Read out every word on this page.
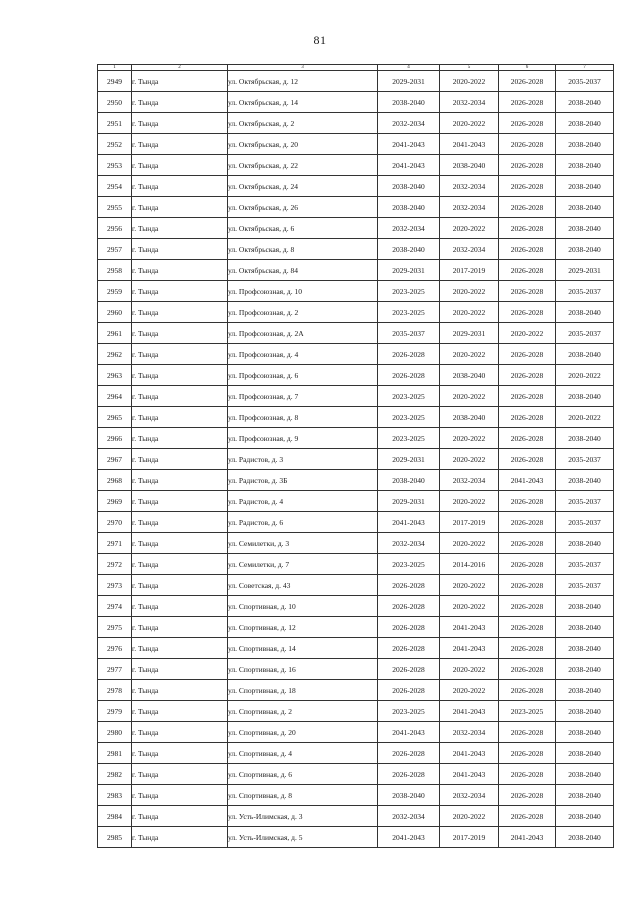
81
1	2	3	4	5	6	7
2949	г. Тында	ул. Октябрьская, д. 12	2029-2031	2020-2022	2026-2028	2035-2037
2950	г. Тында	ул. Октябрьская, д. 14	2038-2040	2032-2034	2026-2028	2038-2040
2951	г. Тында	ул. Октябрьская, д. 2	2032-2034	2020-2022	2026-2028	2038-2040
2952	г. Тында	ул. Октябрьская, д. 20	2041-2043	2041-2043	2026-2028	2038-2040
2953	г. Тында	ул. Октябрьская, д. 22	2041-2043	2038-2040	2026-2028	2038-2040
2954	г. Тында	ул. Октябрьская, д. 24	2038-2040	2032-2034	2026-2028	2038-2040
2955	г. Тында	ул. Октябрьская, д. 26	2038-2040	2032-2034	2026-2028	2038-2040
2956	г. Тында	ул. Октябрьская, д. 6	2032-2034	2020-2022	2026-2028	2038-2040
2957	г. Тында	ул. Октябрьская, д. 8	2038-2040	2032-2034	2026-2028	2038-2040
2958	г. Тында	ул. Октябрьская, д. 84	2029-2031	2017-2019	2026-2028	2029-2031
2959	г. Тында	ул. Профсоюзная, д. 10	2023-2025	2020-2022	2026-2028	2035-2037
2960	г. Тында	ул. Профсоюзная, д. 2	2023-2025	2020-2022	2026-2028	2038-2040
2961	г. Тында	ул. Профсоюзная, д. 2А	2035-2037	2029-2031	2020-2022	2035-2037
2962	г. Тында	ул. Профсоюзная, д. 4	2026-2028	2020-2022	2026-2028	2038-2040
2963	г. Тында	ул. Профсоюзная, д. 6	2026-2028	2038-2040	2026-2028	2020-2022
2964	г. Тында	ул. Профсоюзная, д. 7	2023-2025	2020-2022	2026-2028	2038-2040
2965	г. Тында	ул. Профсоюзная, д. 8	2023-2025	2038-2040	2026-2028	2020-2022
2966	г. Тында	ул. Профсоюзная, д. 9	2023-2025	2020-2022	2026-2028	2038-2040
2967	г. Тында	ул. Радистов, д. 3	2029-2031	2020-2022	2026-2028	2035-2037
2968	г. Тында	ул. Радистов, д. 3Б	2038-2040	2032-2034	2041-2043	2038-2040
2969	г. Тында	ул. Радистов, д. 4	2029-2031	2020-2022	2026-2028	2035-2037
2970	г. Тында	ул. Радистов, д. 6	2041-2043	2017-2019	2026-2028	2035-2037
2971	г. Тында	ул. Семилетки, д. 3	2032-2034	2020-2022	2026-2028	2038-2040
2972	г. Тында	ул. Семилетки, д. 7	2023-2025	2014-2016	2026-2028	2035-2037
2973	г. Тында	ул. Советская, д. 43	2026-2028	2020-2022	2026-2028	2035-2037
2974	г. Тында	ул. Спортивная, д. 10	2026-2028	2020-2022	2026-2028	2038-2040
2975	г. Тында	ул. Спортивная, д. 12	2026-2028	2041-2043	2026-2028	2038-2040
2976	г. Тында	ул. Спортивная, д. 14	2026-2028	2041-2043	2026-2028	2038-2040
2977	г. Тында	ул. Спортивная, д. 16	2026-2028	2020-2022	2026-2028	2038-2040
2978	г. Тында	ул. Спортивная, д. 18	2026-2028	2020-2022	2026-2028	2038-2040
2979	г. Тында	ул. Спортивная, д. 2	2023-2025	2041-2043	2023-2025	2038-2040
2980	г. Тында	ул. Спортивная, д. 20	2041-2043	2032-2034	2026-2028	2038-2040
2981	г. Тында	ул. Спортивная, д. 4	2026-2028	2041-2043	2026-2028	2038-2040
2982	г. Тында	ул. Спортивная, д. 6	2026-2028	2041-2043	2026-2028	2038-2040
2983	г. Тында	ул. Спортивная, д. 8	2038-2040	2032-2034	2026-2028	2038-2040
2984	г. Тында	ул. Усть-Илимская, д. 3	2032-2034	2020-2022	2026-2028	2038-2040
2985	г. Тында	ул. Усть-Илимская, д. 5	2041-2043	2017-2019	2041-2043	2038-2040
